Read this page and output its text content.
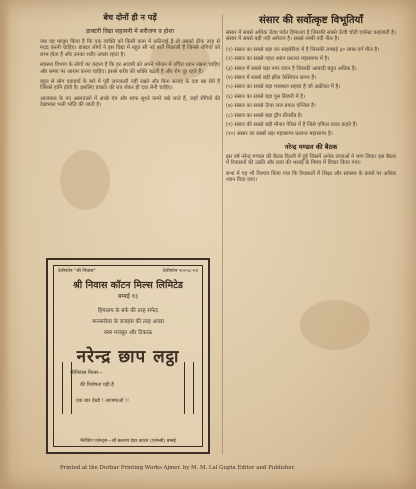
बेच दोनों ही न पड़ें
डाक्टरी विद्या सहायनी में सरीजण व होशा

जब यह मालूम किया है कि एक व्यक्ति को किसी काम में कठिनाई है तो उसको ठीक तरह से मदद करनी चाहिए। डाक्टर लोगों ने इस विद्या में बहुत सी नई बातें निकाली हैं जिनसे रोगियों को लाभ होता है और उनका शरीर अच्छा रहता है।

स्वास्थ्य विभाग के लोगों का कहना है कि हर आदमी को अपने भोजन में उचित ध्यान रखना चाहिए और समय पर आराम करना चाहिए। इससे शरीर की शक्ति बढ़ती है और रोग दूर रहते हैं।

बहुत से लोग दवाइयों के बारे में पूरी जानकारी नहीं रखते और बिना सलाह के दवा खा लेते हैं जिससे हानि होती है। इसलिए डाक्टर की राय लेकर ही दवा लेनी चाहिए।

आजकल के नए अस्पतालों में अच्छे यंत्र और साफ सुथरे कमरे रखे जाते हैं, जहाँ रोगियों की देखभाल भली भाँति की जाती है।

टेलीफोन "श्री निवास"	टेलीफोन २००५८-५९
श्री निवास कॉटन मिल्स लिमिटेड
बम्बई १३
हिमालय के बर्फ की तरह सफेद
मानसरोवर के राजहंस की तरह अच्छा
वस्त्र मजबूत और टिकाऊ
नरेन्द्र छाप लट्ठा
श्रीनिवास मिल्स—
की विशेषता यही है
एक बार देखो ! आजमाओ !!
मैनेजिंग एजेन्ट्स—श्री बलराम देवर कांटन (एजेन्सी) बम्बई
संसार की सर्वोत्कृष्ट विभूतियाँ

संसार में सबसे अधिक ऊँचा पर्वत हिमालय है जिसकी सबसे ऊँची चोटी एवरेस्ट कहलाती है। संसार में सबसे बड़ी नदी अमेजन है। सबसे लम्बी नदी नील है।

(१) संसार का सबसे बड़ा वन साइबेरिया में है जिसकी लम्बाई ३० लाख वर्ग मील है।

(२) संसार का सबसे गहरा स्थान प्रशान्त महासागर में है।

(३) संसार में सबसे बड़ा नगर लंदन है जिसकी आबादी बहुत अधिक है।

(४) संसार में सबसे बड़ी झील केस्पियन सागर है।

(५) संसार का सबसे बड़ा मरुस्थल सहारा है जो अफ्रीका में है।

(६) संसार का सबसे बड़ा पुल सिडनी में है।

(७) संसार का सबसे ऊँचा जल प्रपात एन्जिल है।

(८) संसार का सबसे बड़ा द्वीप ग्रीनलैंड है।

(९) संसार की सबसे बड़ी मीनार पेरिस में है जिसे एफिल टावर कहते हैं।

(१०) संसार का सबसे बड़ा महासागर प्रशान्त महासागर है।

नरेन्द्र मण्डल की बैठक

इस वर्ष नरेन्द्र मण्डल की बैठक दिल्ली में हुई जिसमें अनेक राजाओं ने भाग लिया। इस बैठक में रियासतों की उन्नति और प्रजा की भलाई के विषय में विचार किया गया।

सभा में यह भी निश्चय किया गया कि रियासतों में शिक्षा और स्वास्थ्य के कामों पर अधिक ध्यान दिया जाए।

Printed at the Durbar Printing Works Ajmer. by M. M. Lal Gupta Editor and Publisher.
